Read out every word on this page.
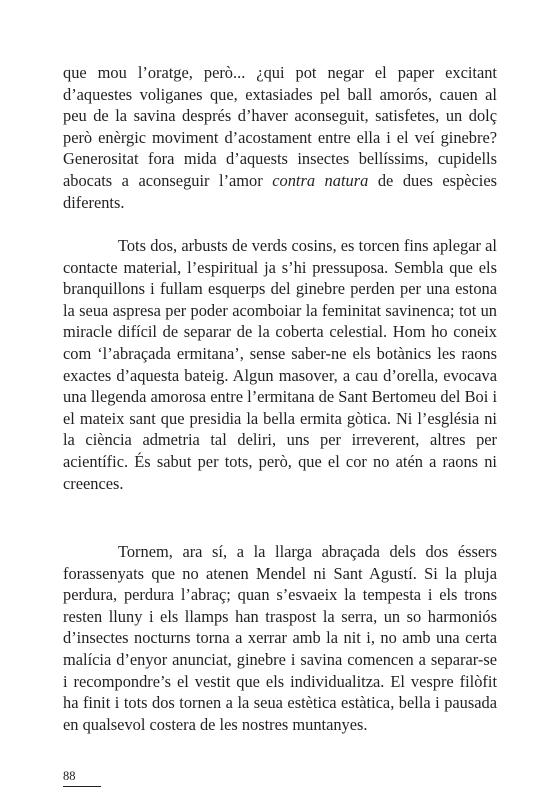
que mou l’oratge, però... ¿qui pot negar el paper excitant d’aquestes voliganes que, extasiades pel ball amorós, cauen al peu de la savina després d’haver aconseguit, satisfetes, un dolç però enèrgic moviment d’acostament entre ella i el veí ginebre? Generositat fora mida d’aquests insectes bellíssims, cupidells abocats a aconseguir l’amor contra natura de dues espècies diferents.

Tots dos, arbusts de verds cosins, es torcen fins aplegar al contacte material, l’espiritual ja s’hi pressuposa. Sembla que els branquillons i fullam esquerps del ginebre perden per una estona la seua aspresa per poder acomboiar la feminitat savinenca; tot un miracle difícil de separar de la coberta celestial. Hom ho coneix com ‘l’abraçada ermitana’, sense saber-ne els botànics les raons exactes d’aquesta bateig. Algun masover, a cau d’orella, evocava una llegenda amorosa entre l’ermitana de Sant Bertomeu del Boi i el mateix sant que presidia la bella ermita gòtica. Ni l’església ni la ciència admetria tal deliri, uns per irreverent, altres per acientífic. És sabut per tots, però, que el cor no atén a raons ni creences.

Tornem, ara sí, a la llarga abraçada dels dos éssers forassenyats que no atenen Mendel ni Sant Agustí. Si la pluja perdura, perdura l’abraç; quan s’esvaeix la tempesta i els trons resten lluny i els llamps han traspost la serra, un so harmoniós d’insectes nocturns torna a xerrar amb la nit i, no amb una certa malícia d’enyor anunciat, ginebre i savina comencen a separar-se i recompondre’s el vestit que els individualitza. El vespre filòfit ha finit i tots dos tornen a la seua estètica estàtica, bella i pausada en qualsevol costera de les nostres muntanyes.

88
